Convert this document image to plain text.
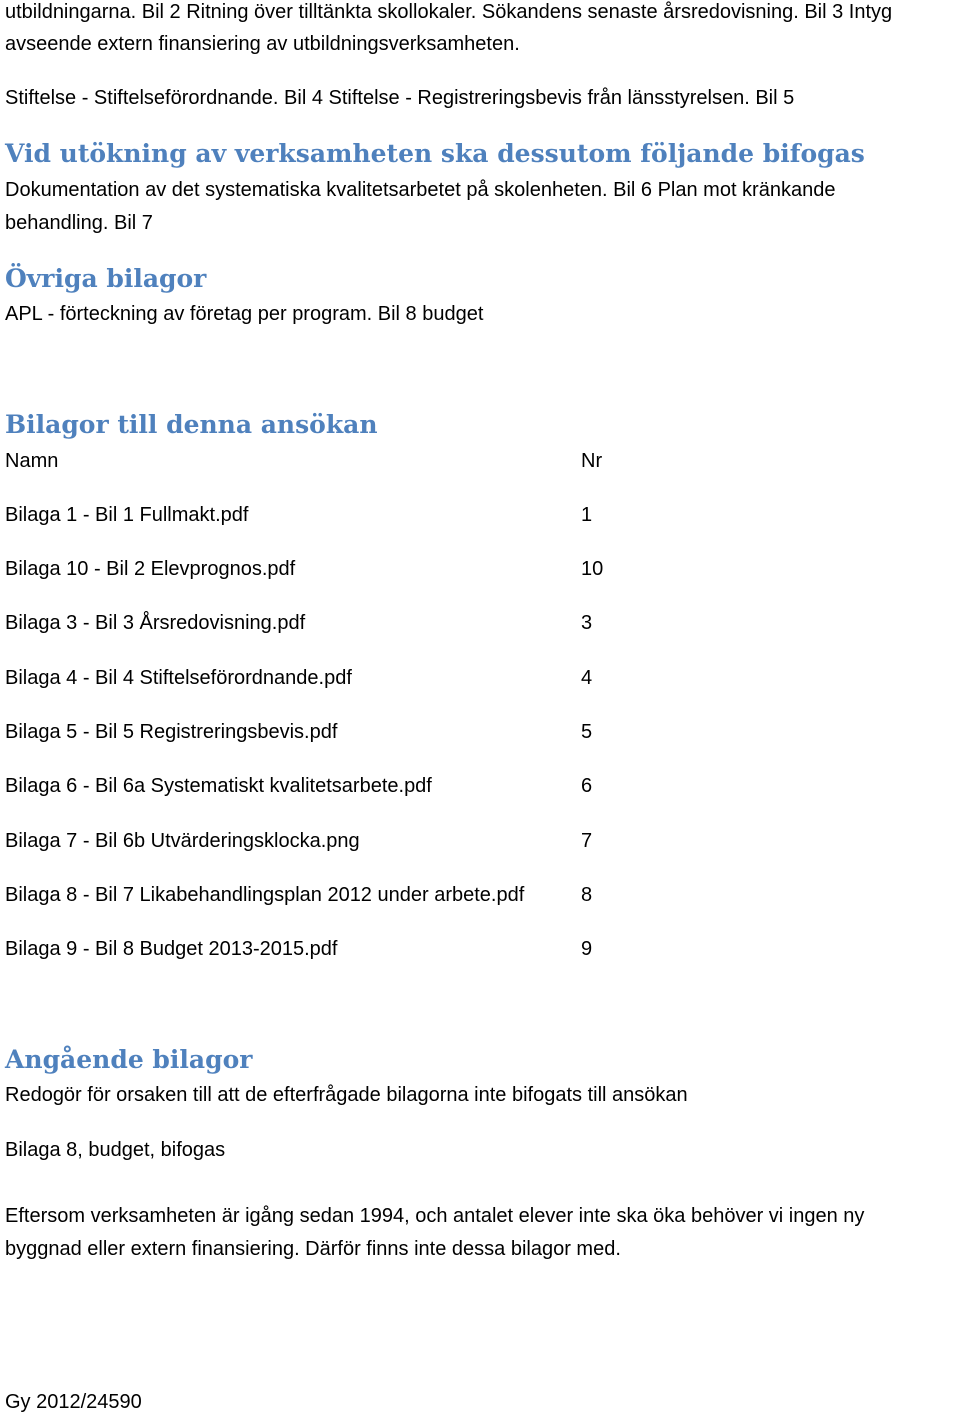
utbildningarna. Bil 2 Ritning över tilltänkta skollokaler. Sökandens senaste årsredovisning. Bil 3 Intyg
avseende extern finansiering av utbildningsverksamheten.
Stiftelse - Stiftelseförordnande. Bil 4 Stiftelse - Registreringsbevis från länsstyrelsen. Bil 5
Vid utökning av verksamheten ska dessutom följande bifogas
Dokumentation av det systematiska kvalitetsarbetet på skolenheten. Bil 6 Plan mot kränkande
behandling. Bil 7
Övriga bilagor
APL - förteckning av företag per program. Bil 8 budget
Bilagor till denna ansökan
Namn	Nr
Bilaga 1 - Bil 1 Fullmakt.pdf	1
Bilaga 10 - Bil 2 Elevprognos.pdf	10
Bilaga 3 - Bil 3 Årsredovisning.pdf	3
Bilaga 4 - Bil 4 Stiftelseförordnande.pdf	4
Bilaga 5 - Bil 5 Registreringsbevis.pdf	5
Bilaga 6 - Bil 6a Systematiskt kvalitetsarbete.pdf	6
Bilaga 7 - Bil 6b Utvärderingsklocka.png	7
Bilaga 8 - Bil 7 Likabehandlingsplan 2012 under arbete.pdf	8
Bilaga 9 - Bil 8 Budget 2013-2015.pdf	9
Angående bilagor
Redogör för orsaken till att de efterfrågade bilagorna inte bifogats till ansökan
Bilaga 8, budget, bifogas
Eftersom verksamheten är igång sedan 1994, och antalet elever inte ska öka behöver vi ingen ny
byggnad eller extern finansiering. Därför finns inte dessa bilagor med.
Gy 2012/24590
